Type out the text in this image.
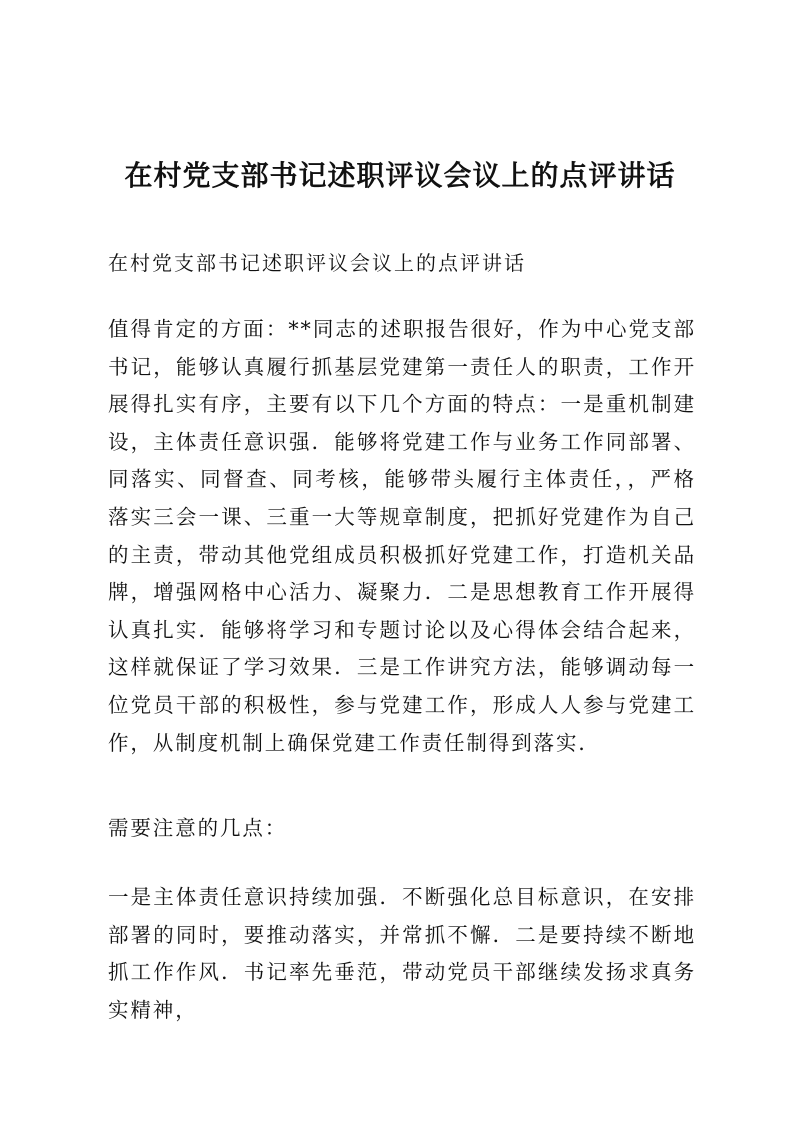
在村党支部书记述职评议会议上的点评讲话

在村党支部书记述职评议会议上的点评讲话

值得肯定的方面：**同志的述职报告很好，作为中心党支部书记，能够认真履行抓基层党建第一责任人的职责，工作开展得扎实有序，主要有以下几个方面的特点：一是重机制建设，主体责任意识强．能够将党建工作与业务工作同部署、同落实、同督查、同考核，能够带头履行主体责任，，严格落实三会一课、三重一大等规章制度，把抓好党建作为自己的主责，带动其他党组成员积极抓好党建工作，打造机关品牌，增强网格中心活力、凝聚力．二是思想教育工作开展得认真扎实．能够将学习和专题讨论以及心得体会结合起来，这样就保证了学习效果．三是工作讲究方法，能够调动每一位党员干部的积极性，参与党建工作，形成人人参与党建工作，从制度机制上确保党建工作责任制得到落实．

需要注意的几点：

一是主体责任意识持续加强．不断强化总目标意识，在安排部署的同时，要推动落实，并常抓不懈．二是要持续不断地抓工作作风．书记率先垂范，带动党员干部继续发扬求真务实精神，
